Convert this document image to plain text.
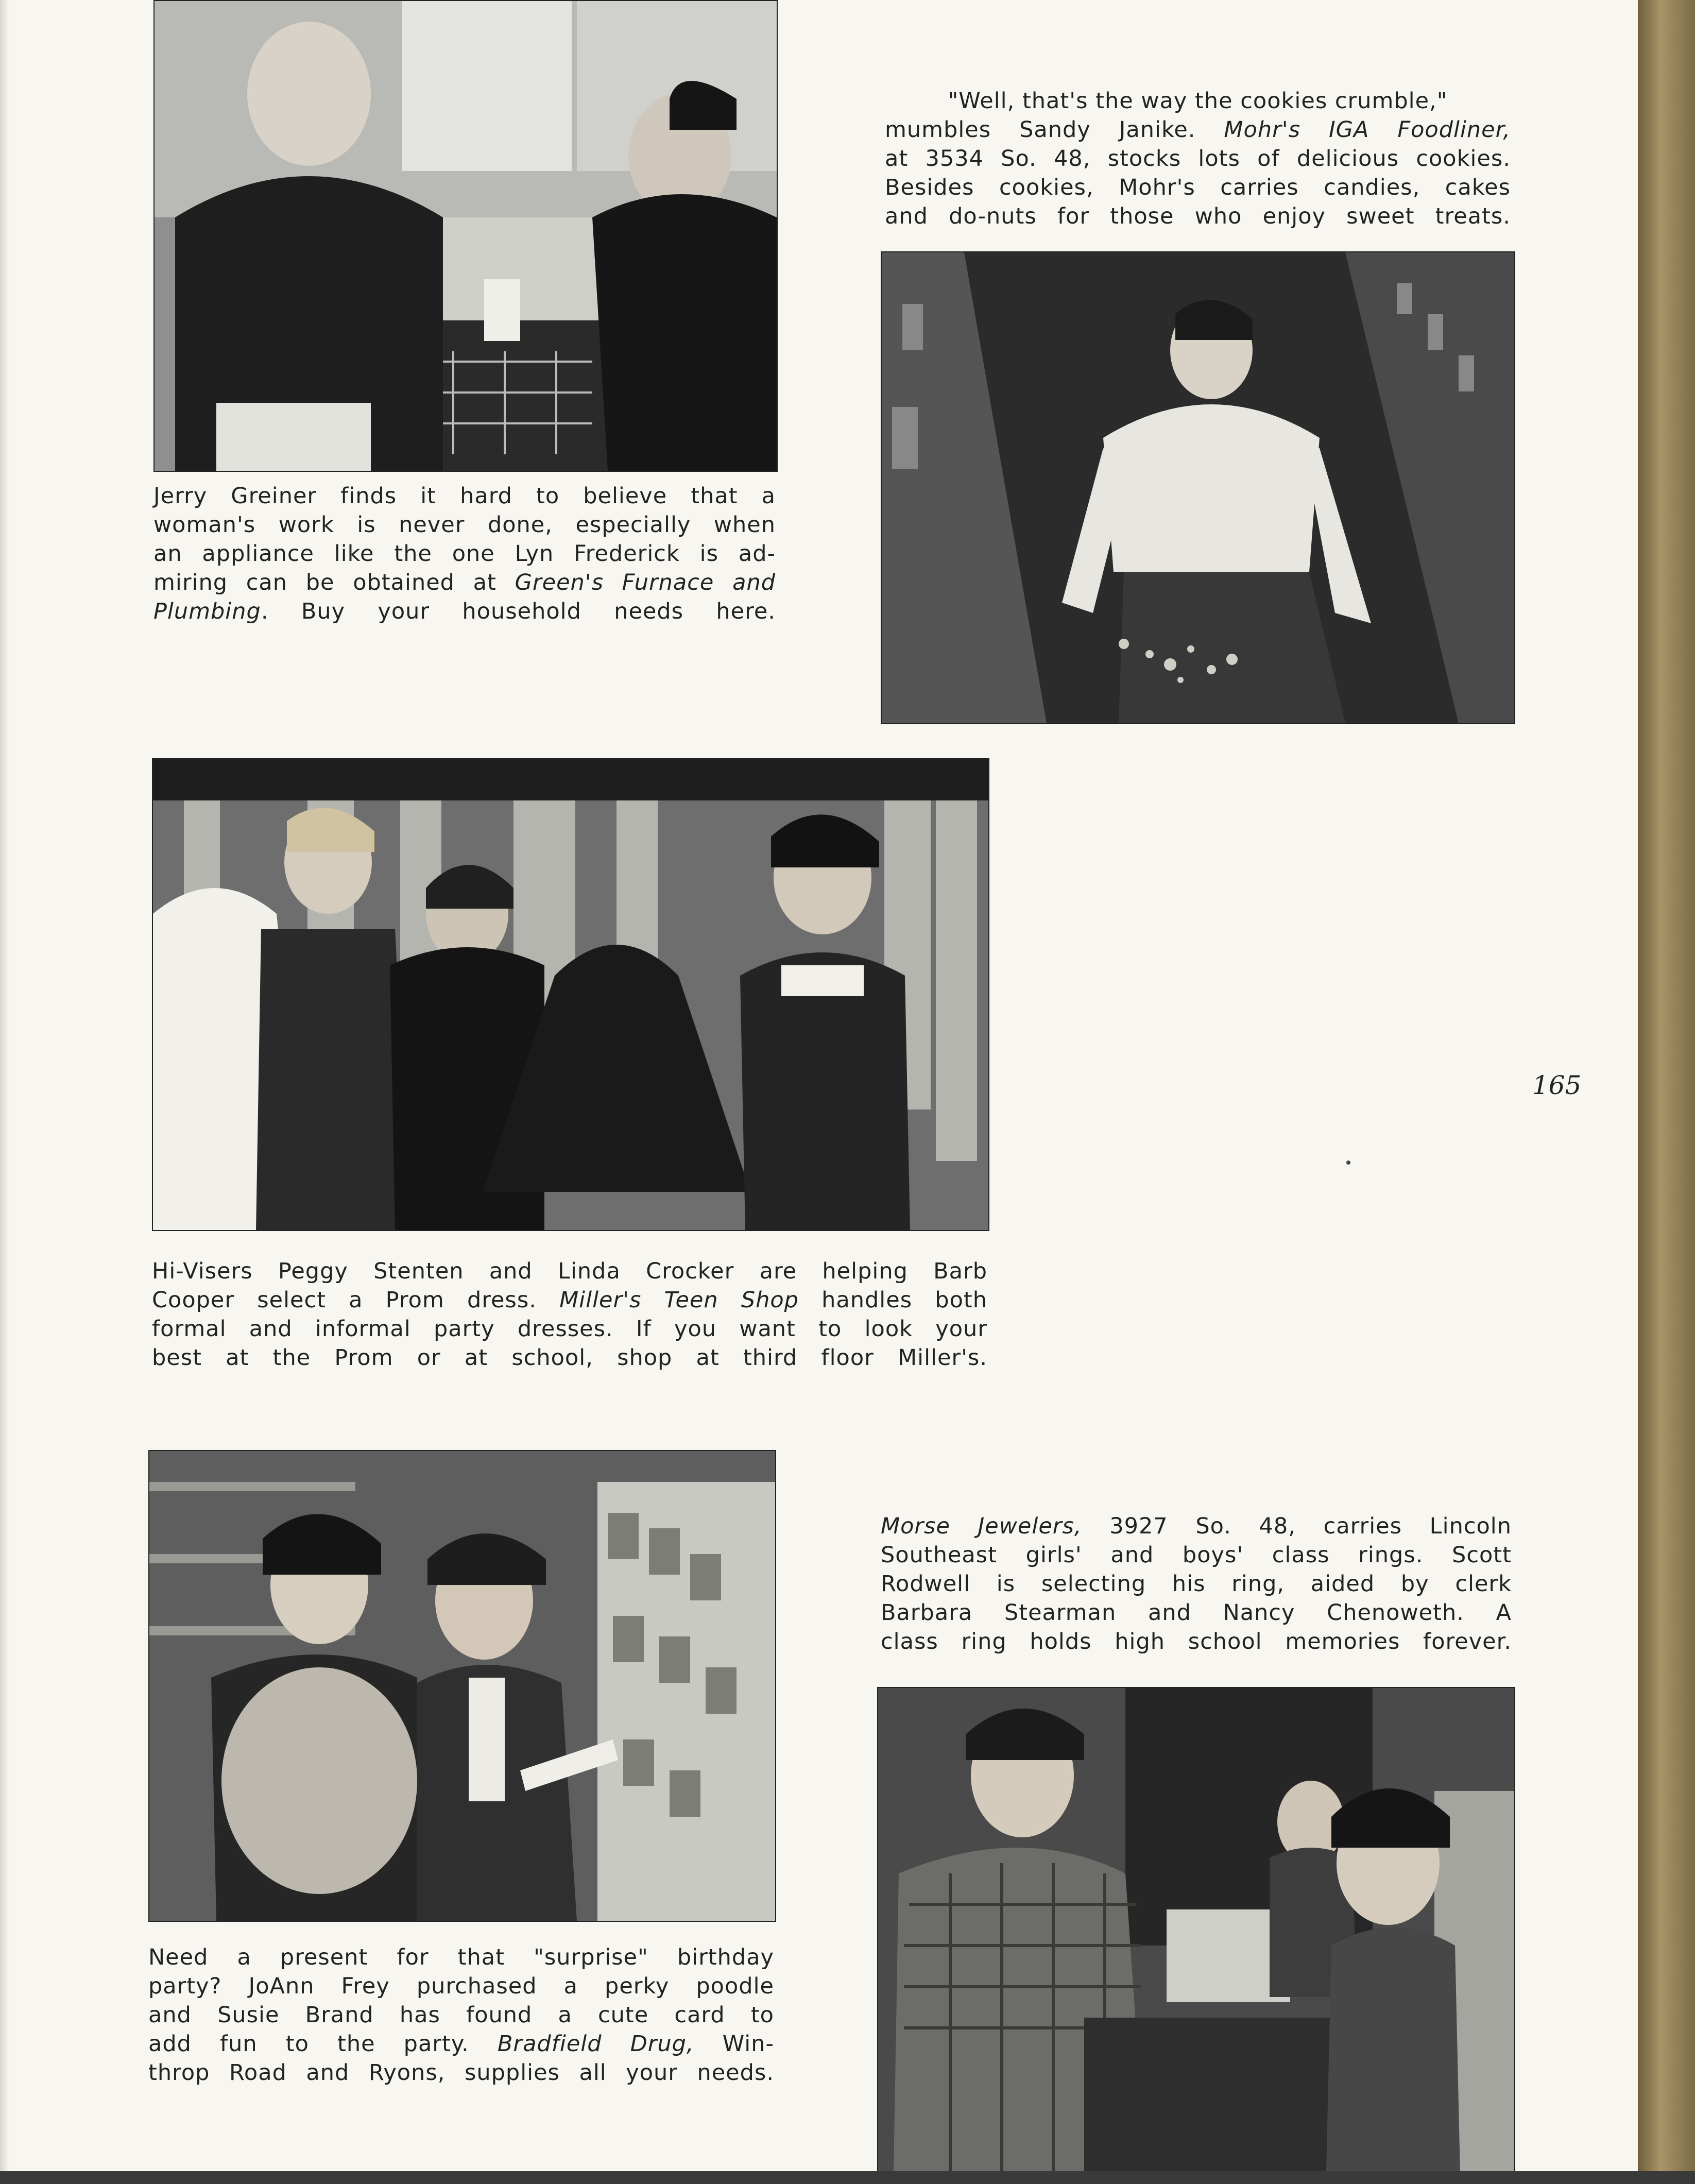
Jerry Greiner finds it hard to believe that a
woman's work is never done, especially when
an appliance like the one Lyn Frederick is ad-
miring can be obtained at Green's Furnace and
Plumbing. Buy your household needs here.
"Well, that's the way the cookies crumble,"
mumbles Sandy Janike. Mohr's IGA Foodliner,
at 3534 So. 48, stocks lots of delicious cookies.
Besides cookies, Mohr's carries candies, cakes
and do-nuts for those who enjoy sweet treats.
Hi-Visers Peggy Stenten and Linda Crocker are helping Barb
Cooper select a Prom dress. Miller's Teen Shop handles both
formal and informal party dresses. If you want to look your
best at the Prom or at school, shop at third floor Miller's.
Need a present for that "surprise" birthday
party? JoAnn Frey purchased a perky poodle
and Susie Brand has found a cute card to
add fun to the party. Bradfield Drug, Win-
throp Road and Ryons, supplies all your needs.
Morse Jewelers, 3927 So. 48, carries Lincoln
Southeast girls' and boys' class rings. Scott
Rodwell is selecting his ring, aided by clerk
Barbara Stearman and Nancy Chenoweth. A
class ring holds high school memories forever.
165
